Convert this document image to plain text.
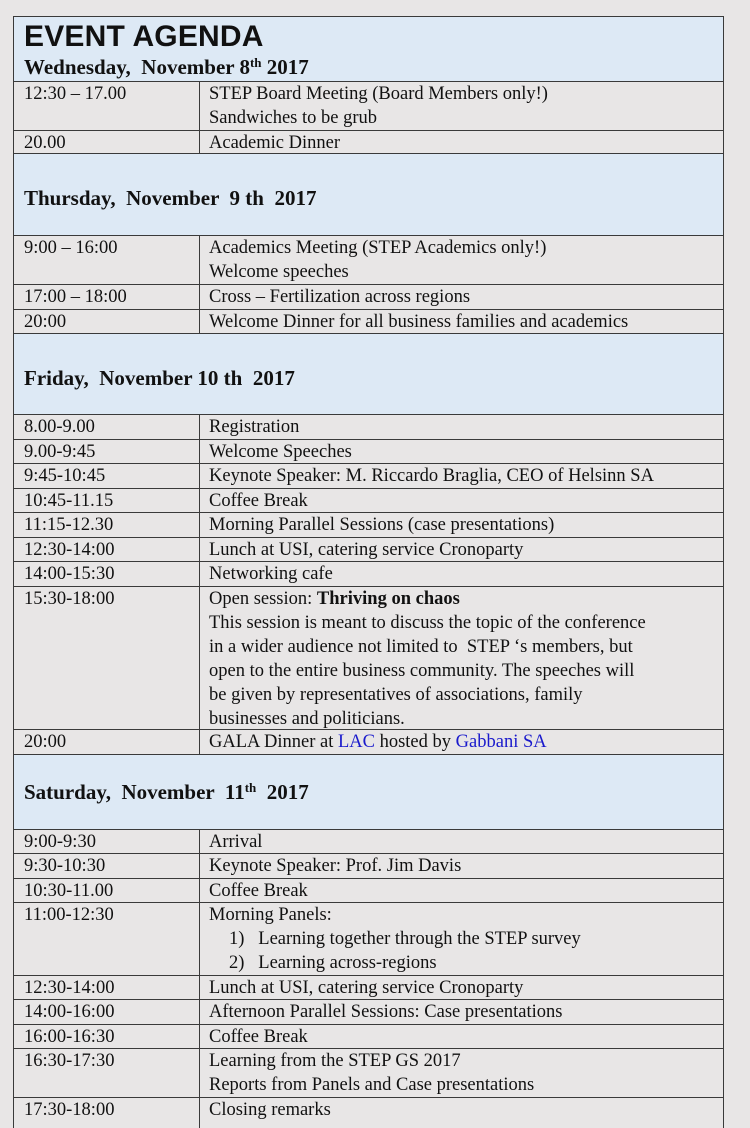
EVENT AGENDA
Wednesday,  November 8th 2017
12:30 – 17.00	STEP Board Meeting (Board Members only!)
Sandwiches to be grub
20.00	Academic Dinner
Thursday,  November  9 th  2017
9:00 – 16:00	Academics Meeting (STEP Academics only!)
Welcome speeches
17:00 – 18:00	Cross – Fertilization across regions
20:00	Welcome Dinner for all business families and academics
Friday,  November 10 th  2017
8.00-9.00	Registration
9.00-9:45	Welcome Speeches
9:45-10:45	Keynote Speaker: M. Riccardo Braglia, CEO of Helsinn SA
10:45-11.15	Coffee Break
11:15-12.30	Morning Parallel Sessions (case presentations)
12:30-14:00	Lunch at USI, catering service Cronoparty
14:00-15:30	Networking cafe
15:30-18:00	Open session: Thriving on chaos
This session is meant to discuss the topic of the conference
in a wider audience not limited to  STEP ‘s members, but
open to the entire business community. The speeches will
be given by representatives of associations, family
businesses and politicians.
20:00	GALA Dinner at LAC hosted by Gabbani SA
Saturday,  November  11th  2017
9:00-9:30	Arrival
9:30-10:30	Keynote Speaker: Prof. Jim Davis
10:30-11.00	Coffee Break
11:00-12:30	Morning Panels:
1)   Learning together through the STEP survey
2)   Learning across-regions
12:30-14:00	Lunch at USI, catering service Cronoparty
14:00-16:00	Afternoon Parallel Sessions: Case presentations
16:00-16:30	Coffee Break
16:30-17:30	Learning from the STEP GS 2017
Reports from Panels and Case presentations
17:30-18:00	Closing remarks
